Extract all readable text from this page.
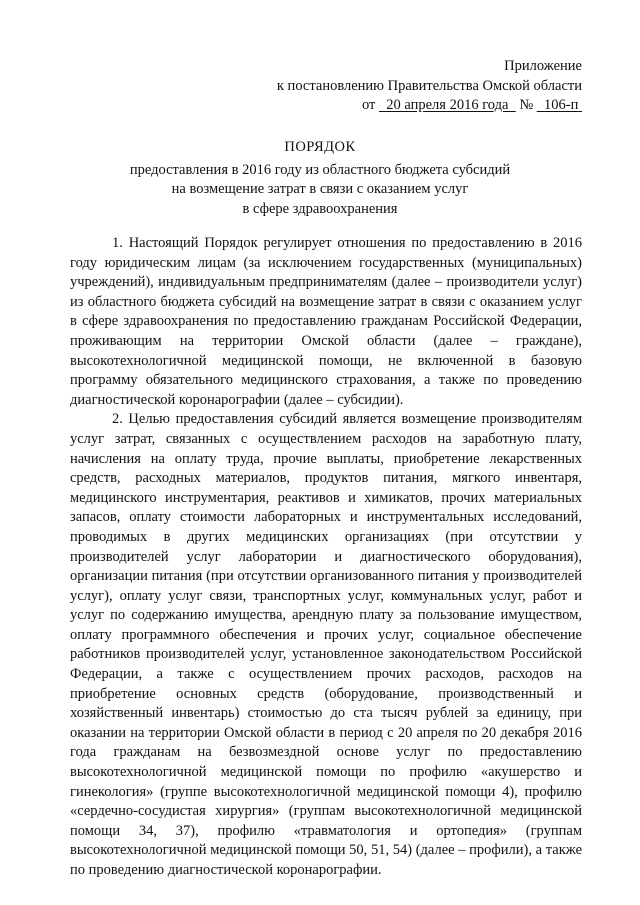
Приложение
к постановлению Правительства Омской области
от 20 апреля 2016 года № 106-п
ПОРЯДОК
предоставления в 2016 году из областного бюджета субсидий
на возмещение затрат в связи с оказанием услуг
в сфере здравоохранения

1. Настоящий Порядок регулирует отношения по предоставлению в 2016 году юридическим лицам (за исключением государственных (муниципальных) учреждений), индивидуальным предпринимателям (далее – производители услуг) из областного бюджета субсидий на возмещение затрат в связи с оказанием услуг в сфере здравоохранения по предоставлению гражданам Российской Федерации, проживающим на территории Омской области (далее – граждане), высокотехнологичной медицинской помощи, не включенной в базовую программу обязательного медицинского страхования, а также по проведению диагностической коронарографии (далее – субсидии).

2. Целью предоставления субсидий является возмещение производителям услуг затрат, связанных с осуществлением расходов на заработную плату, начисления на оплату труда, прочие выплаты, приобретение лекарственных средств, расходных материалов, продуктов питания, мягкого инвентаря, медицинского инструментария, реактивов и химикатов, прочих материальных запасов, оплату стоимости лабораторных и инструментальных исследований, проводимых в других медицинских организациях (при отсутствии у производителей услуг лаборатории и диагностического оборудования), организации питания (при отсутствии организованного питания у производителей услуг), оплату услуг связи, транспортных услуг, коммунальных услуг, работ и услуг по содержанию имущества, арендную плату за пользование имуществом, оплату программного обеспечения и прочих услуг, социальное обеспечение работников производителей услуг, установленное законодательством Российской Федерации, а также с осуществлением прочих расходов, расходов на приобретение основных средств (оборудование, производственный и хозяйственный инвентарь) стоимостью до ста тысяч рублей за единицу, при оказании на территории Омской области в период с 20 апреля по 20 декабря 2016 года гражданам на безвозмездной основе услуг по предоставлению высокотехнологичной медицинской помощи по профилю «акушерство и гинекология» (группе высокотехнологичной медицинской помощи 4), профилю «сердечно-сосудистая хирургия» (группам высокотехнологичной медицинской помощи 34, 37), профилю «травматология и ортопедия» (группам высокотехнологичной медицинской помощи 50, 51, 54) (далее – профили), а также по проведению диагностической коронарографии.
